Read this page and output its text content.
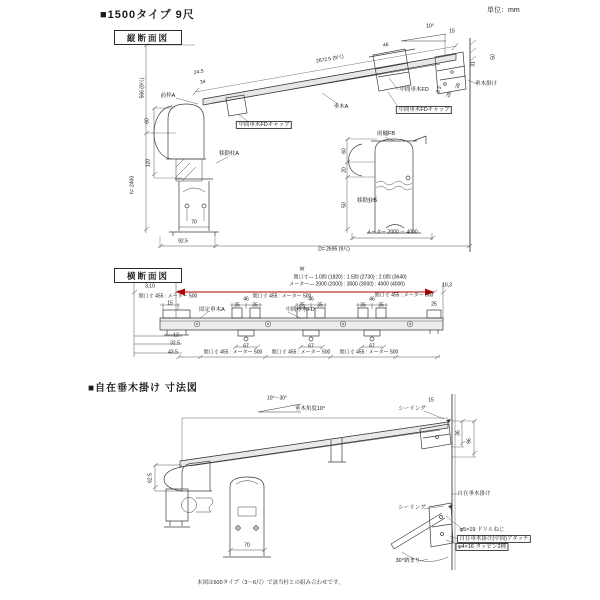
■1500タイプ 9尺	単位：mm
縦断面図
横断面図
■自在垂木掛け 寸法図
10°
2672.5 (9尺)
24.5
34
前枠A
垂木A
46
中間垂木FD
中間垂木FDキャップ
中間垂木FDキャップ
15
垂木掛け
50
31
8.5
28
26
566 (9尺)
60
120
h= 2400
移動柱A
92.5
70
D= 2695 (9尺)
メーター 2000 ～ 4000
雨樋FB
移動柱B
60
20
50
W
間口寸--- 1.0間 (1820) : 1.5間 (2730) : 2.0間 (3640)
メーター--- 2000 (2000) : 3000 (3000) : 4000 (4000)
3,10	10,3
間口寸 455 : メーター 500	間口寸 455 : メーター 500	間口寸 455 : メーター 500
固定垂木A	中間垂木FD
15
46
35 35
46
35 35
46
35 35	25
12
32.5
43.5
67	67	67
間口寸 455 : メーター 500 間口寸 455 : メーター 500 間口寸 455 : メーター 500
10°～30°
垂木角度10°	シーリング
15
36
96
62.5
70
自在垂木掛け
シーリング
φ5×19 ドリルねじ
自在垂木掛け(中間)アタッチ
φ4×16 タッピン2種
30°納まり
本図は600タイプ（3～6尺）で該当柱との組み合わせです。
